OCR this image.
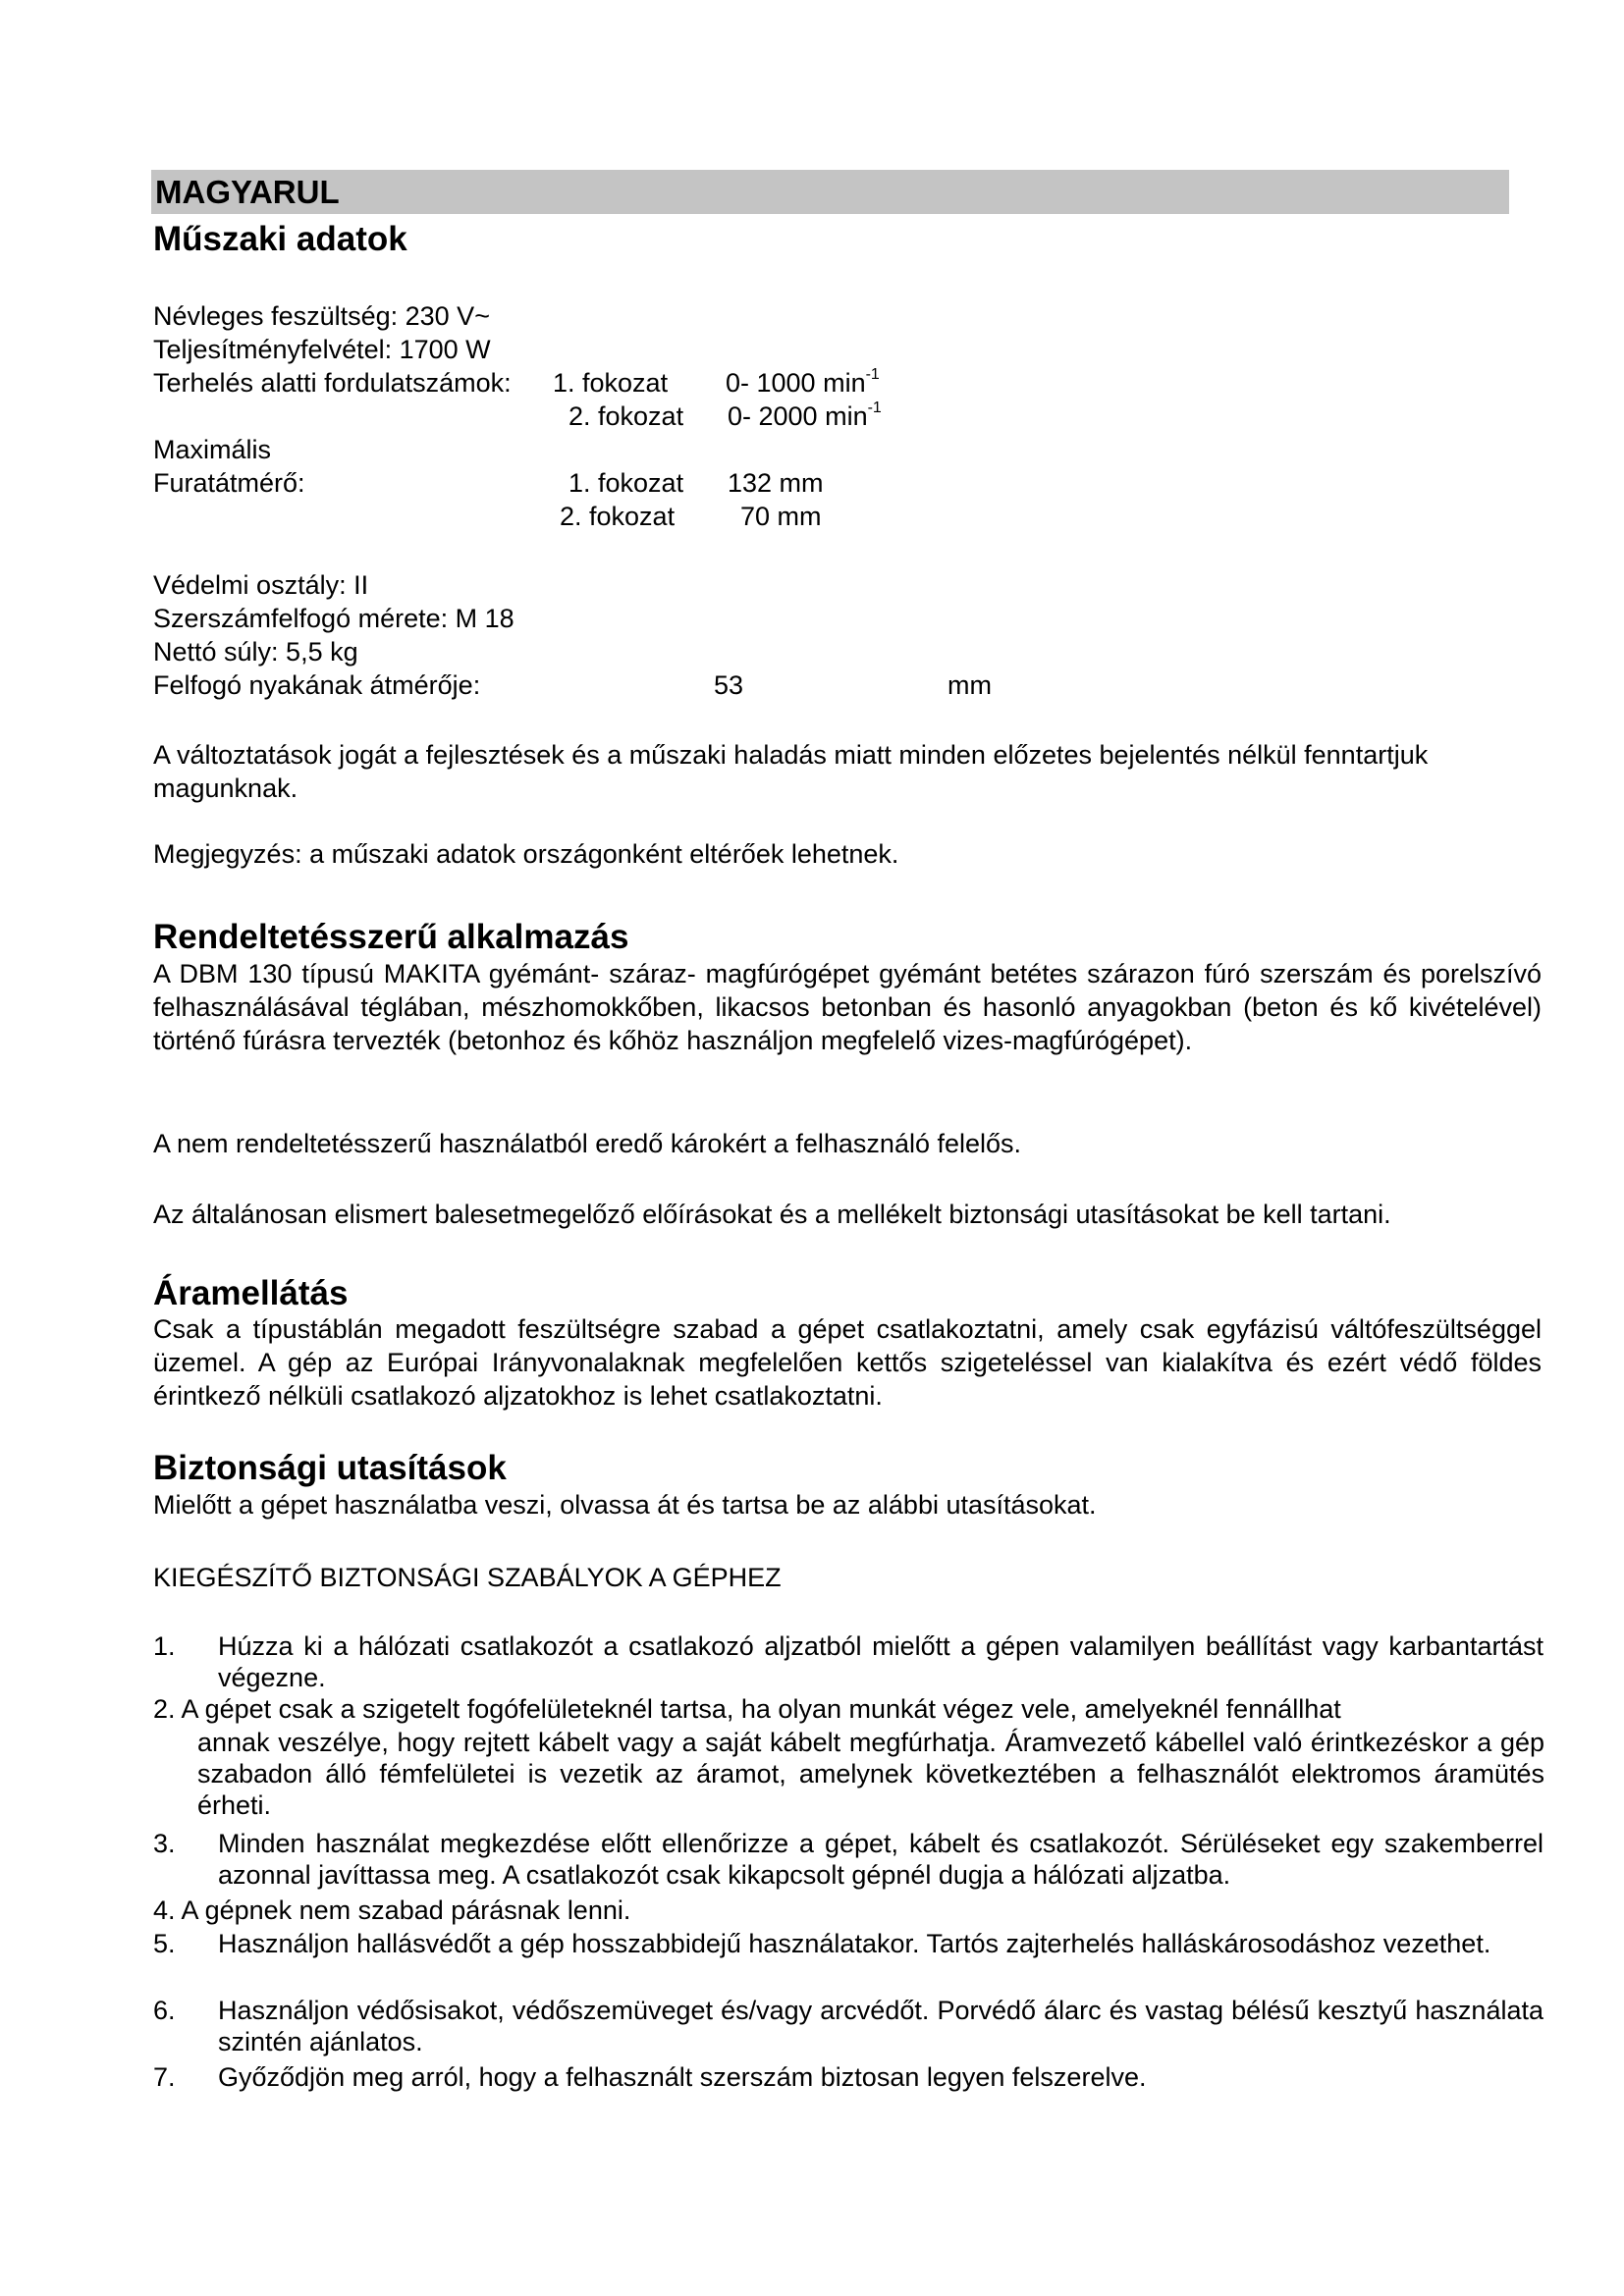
MAGYARUL
Műszaki adatok
Névleges feszültség: 230 V~
Teljesítményfelvétel: 1700 W
Terhelés alatti fordulatszámok: 1. fokozat 0- 1000 $\min^{-1}$
2. fokozat 0- 2000 $\min^{-1}$
Maximális
Furatátmérő:	1. fokozat 132 mm
2. fokozat 70 mm
Védelmi osztály: II
Szerszámfelfogó mérete: M 18
Nettó súly: 5,5 kg
Felfogó nyakának átmérője:	53	mm
A változtatások jogát a fejlesztések és a műszaki haladás miatt minden előzetes bejelentés nélkül fenntartjuk magunknak.
Megjegyzés: a műszaki adatok országonként eltérőek lehetnek.
Rendeltetésszerű alkalmazás
A DBM 130 típusú MAKITA gyémánt- száraz- magfúrógépet gyémánt betétes szárazon fúró szerszám és porelszívó felhasználásával téglában, mészhomokkőben, likacsos betonban és hasonló anyagokban (beton és kő kivételével) történő fúrásra tervezték (betonhoz és kőhöz használjon megfelelő vizes-magfúrógépet).
A nem rendeltetésszerű használatból eredő károkért a felhasználó felelős.
Az általánosan elismert balesetmegelőző előírásokat és a mellékelt biztonsági utasításokat be kell tartani.
Áramellátás
Csak a típustáblán megadott feszültségre szabad a gépet csatlakoztatni, amely csak egyfázisú váltófeszültséggel üzemel. A gép az Európai Irányvonalaknak megfelelően kettős szigeteléssel van kialakítva és ezért védő földes érintkező nélküli csatlakozó aljzatokhoz is lehet csatlakoztatni.
Biztonsági utasítások
Mielőtt a gépet használatba veszi, olvassa át és tartsa be az alábbi utasításokat.
KIEGÉSZÍTŐ BIZTONSÁGI SZABÁLYOK A GÉPHEZ
1. Húzza ki a hálózati csatlakozót a csatlakozó aljzatból mielőtt a gépen valamilyen beállítást vagy karbantartást végezne.
2. A gépet csak a szigetelt fogófelületeknél tartsa, ha olyan munkát végez vele, amelyeknél fennállhat
annak veszélye, hogy rejtett kábelt vagy a saját kábelt megfúrhatja. Áramvezető kábellel való érintkezéskor a gép szabadon álló fémfelületei is vezetik az áramot, amelynek következtében a felhasználót elektromos áramütés érheti.
3. Minden használat megkezdése előtt ellenőrizze a gépet, kábelt és csatlakozót. Sérüléseket egy szakemberrel azonnal javíttassa meg. A csatlakozót csak kikapcsolt gépnél dugja a hálózati aljzatba.
4. A gépnek nem szabad párásnak lenni.
5. Használjon hallásvédőt a gép hosszabbidejű használatakor. Tartós zajterhelés halláskárosodáshoz vezethet.
6. Használjon védősisakot, védőszemüveget és/vagy arcvédőt. Porvédő álarc és vastag bélésű kesztyű használata szintén ajánlatos.
7. Győződjön meg arról, hogy a felhasznált szerszám biztosan legyen felszerelve.
